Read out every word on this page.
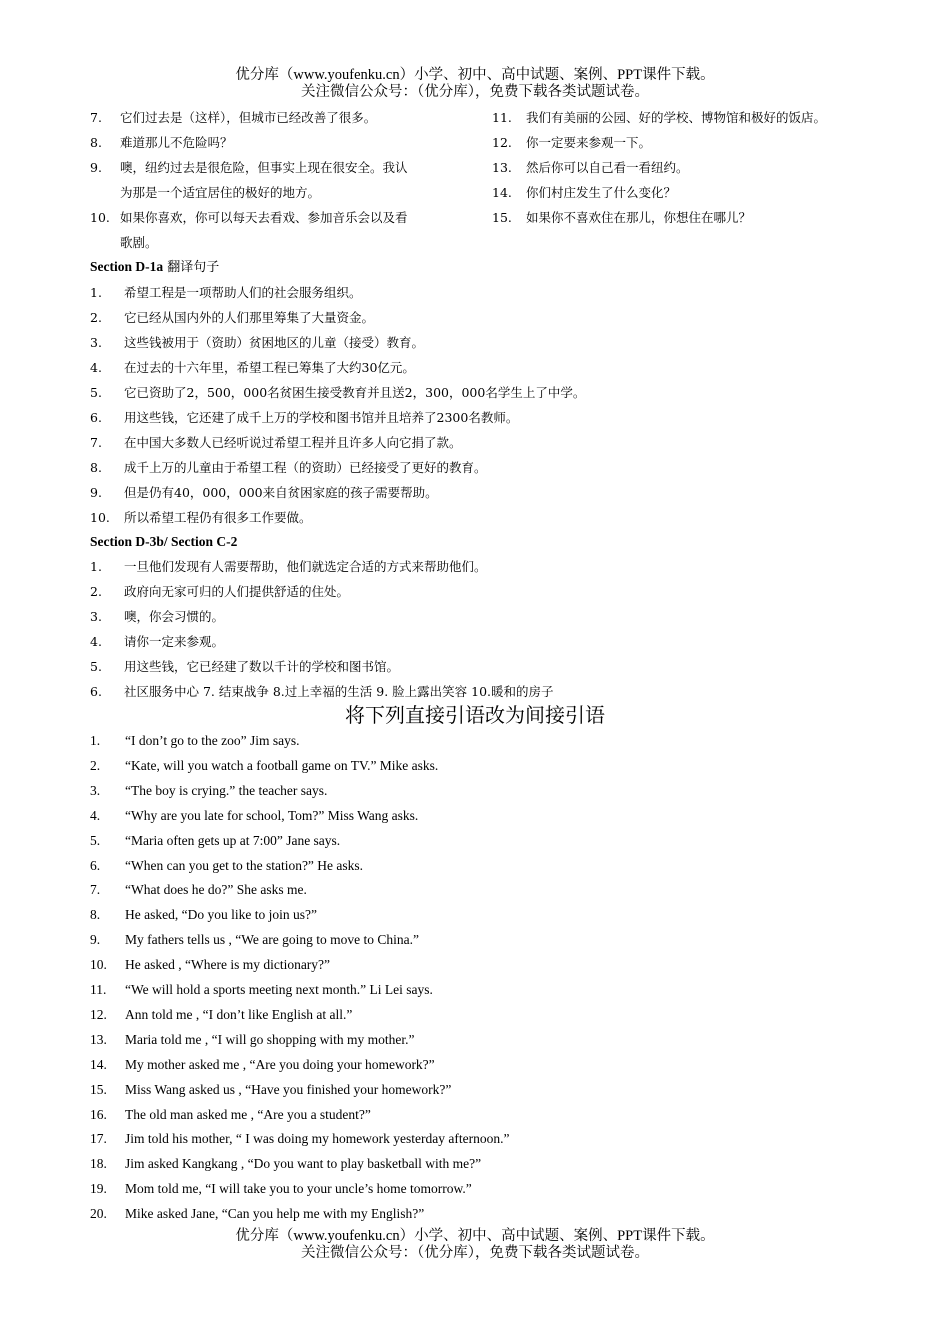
优分库（www.youfenku.cn）小学、初中、高中试题、案例、PPT课件下载。
关注微信公众号：（优分库），免费下载各类试题试卷。
7. 它们过去是（这样），但城市已经改善了很多。
8. 难道那儿不危险吗？
9. 噢，纽约过去是很危险，但事实上现在很安全。我认
为那是一个适宜居住的极好的地方。
10. 如果你喜欢，你可以每天去看戏、参加音乐会以及看
歌剧。
11. 我们有美丽的公园、好的学校、博物馆和极好的饭店。
12. 你一定要来参观一下。
13. 然后你可以自己看一看纽约。
14. 你们村庄发生了什么变化？
15. 如果你不喜欢住在那儿，你想住在哪儿？
Section D-1a 翻译句子
1. 希望工程是一项帮助人们的社会服务组织。
2. 它已经从国内外的人们那里筹集了大量资金。
3. 这些钱被用于（资助）贫困地区的儿童（接受）教育。
4. 在过去的十六年里，希望工程已筹集了大约30亿元。
5. 它已资助了2，500，000名贫困生接受教育并且送2，300，000名学生上了中学。
6. 用这些钱，它还建了成千上万的学校和图书馆并且培养了2300名教师。
7. 在中国大多数人已经听说过希望工程并且许多人向它捐了款。
8. 成千上万的儿童由于希望工程（的资助）已经接受了更好的教育。
9. 但是仍有40，000，000来自贫困家庭的孩子需要帮助。
10. 所以希望工程仍有很多工作要做。
Section D-3b/ Section C-2
1. 一旦他们发现有人需要帮助，他们就选定合适的方式来帮助他们。
2. 政府向无家可归的人们提供舒适的住处。
3. 噢，你会习惯的。
4. 请你一定来参观。
5. 用这些钱，它已经建了数以千计的学校和图书馆。
6. 社区服务中心 7. 结束战争 8.过上幸福的生活 9. 脸上露出笑容 10.暖和的房子
将下列直接引语改为间接引语
1. “I don’t go to the zoo” Jim says.
2. “Kate, will you watch a football game on TV.” Mike asks.
3. “The boy is crying.” the teacher says.
4. “Why are you late for school, Tom?” Miss Wang asks.
5. “Maria often gets up at 7:00” Jane says.
6. “When can you get to the station?” He asks.
7. “What does he do?” She asks me.
8. He asked, “Do you like to join us?”
9. My fathers tells us , “We are going to move to China.”
10. He asked , “Where is my dictionary?”
11. “We will hold a sports meeting next month.” Li Lei says.
12. Ann told me , “I don’t like English at all.”
13. Maria told me , “I will go shopping with my mother.”
14. My mother asked me , “Are you doing your homework?”
15. Miss Wang asked us , “Have you finished your homework?”
16. The old man asked me , “Are you a student?”
17. Jim told his mother, “ I was doing my homework yesterday afternoon.”
18. Jim asked Kangkang , “Do you want to play basketball with me?”
19. Mom told me, “I will take you to your uncle’s home tomorrow.”
20. Mike asked Jane, “Can you help me with my English?”
优分库（www.youfenku.cn）小学、初中、高中试题、案例、PPT课件下载。
关注微信公众号：（优分库），免费下载各类试题试卷。
